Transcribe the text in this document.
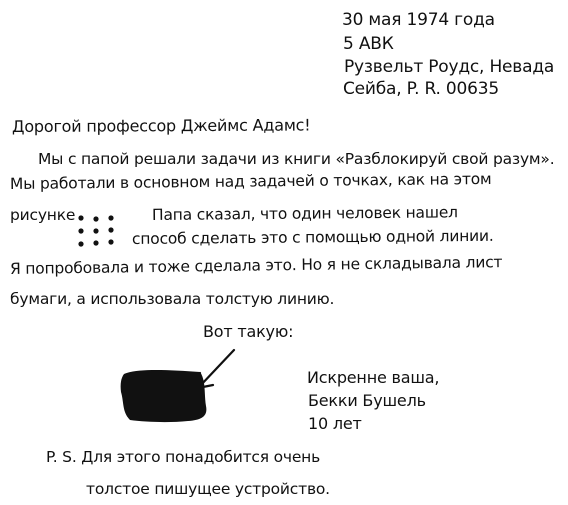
30 мая 1974 года
5 АВК
Рузвельт Роудс, Невада
Сейба, P. R. 00635
Дорогой профессор Джеймс Адамс!
Мы с папой решали задачи из книги «Разблокируй свой разум».
Мы работали в основном над задачей о точках, как на этом
рисунке	Папа сказал, что один человек нашел
способ сделать это с помощью одной линии.
Я попробовала и тоже сделала это. Но я не складывала лист
бумаги, а использовала толстую линию.
Вот такую:
Искренне ваша,
Бекки Бушель
10 лет
P. S. Для этого понадобится очень
толстое пишущее устройство.
